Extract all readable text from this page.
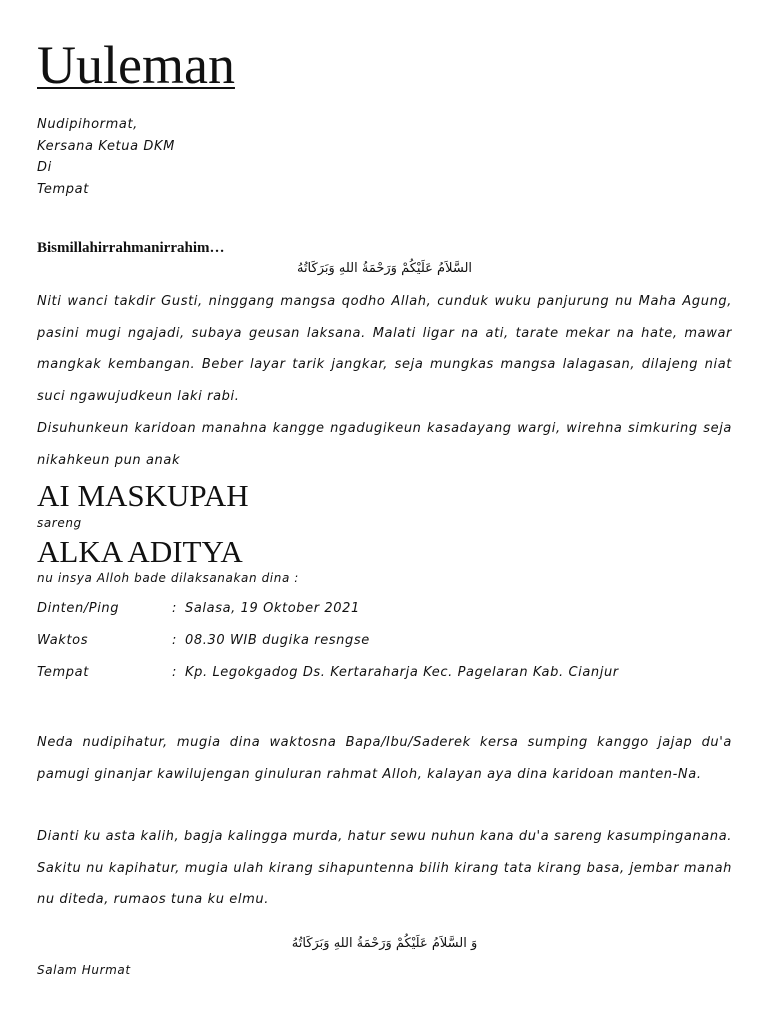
Uuleman
Nudipihormat,
Kersana Ketua DKM
Di
Tempat
Bismillahirrahmanirrahim…
السَّلاَمُ عَلَيْكُمْ وَرَحْمَةُ اللهِ وَبَرَكَاتُهُ
Niti wanci takdir Gusti, ninggang mangsa qodho Allah, cunduk wuku panjurung nu Maha Agung, pasini mugi ngajadi, subaya geusan laksana. Malati ligar na ati, tarate mekar na hate, mawar mangkak kembangan. Beber layar tarik jangkar, seja mungkas mangsa lalagasan, dilajeng niat suci ngawujudkeun laki rabi.
Disuhunkeun karidoan manahna kangge ngadugikeun kasadayang wargi, wirehna simkuring seja nikahkeun pun anak
AI MASKUPAH
sareng
ALKA ADITYA
nu insya Alloh bade dilaksanakan dina :
Dinten/Ping	: Salasa, 19 Oktober 2021
Waktos	: 08.30 WIB dugika resngse
Tempat	: Kp. Legokgadog Ds. Kertaraharja Kec. Pagelaran Kab. Cianjur
Neda nudipihatur, mugia dina waktosna Bapa/Ibu/Saderek kersa sumping kanggo jajap du'a pamugi ginanjar kawilujengan ginuluran rahmat Alloh, kalayan aya dina karidoan manten-Na.
Dianti ku asta kalih, bagja kalingga murda, hatur sewu nuhun kana du'a sareng kasumpinganana. Sakitu nu kapihatur, mugia ulah kirang sihapuntenna bilih kirang tata kirang basa, jembar manah nu diteda, rumaos tuna ku elmu.
وَ السَّلاَمُ عَلَيْكُمْ وَرَحْمَةُ اللهِ وَبَرَكَاتُهُ
Salam Hurmat
